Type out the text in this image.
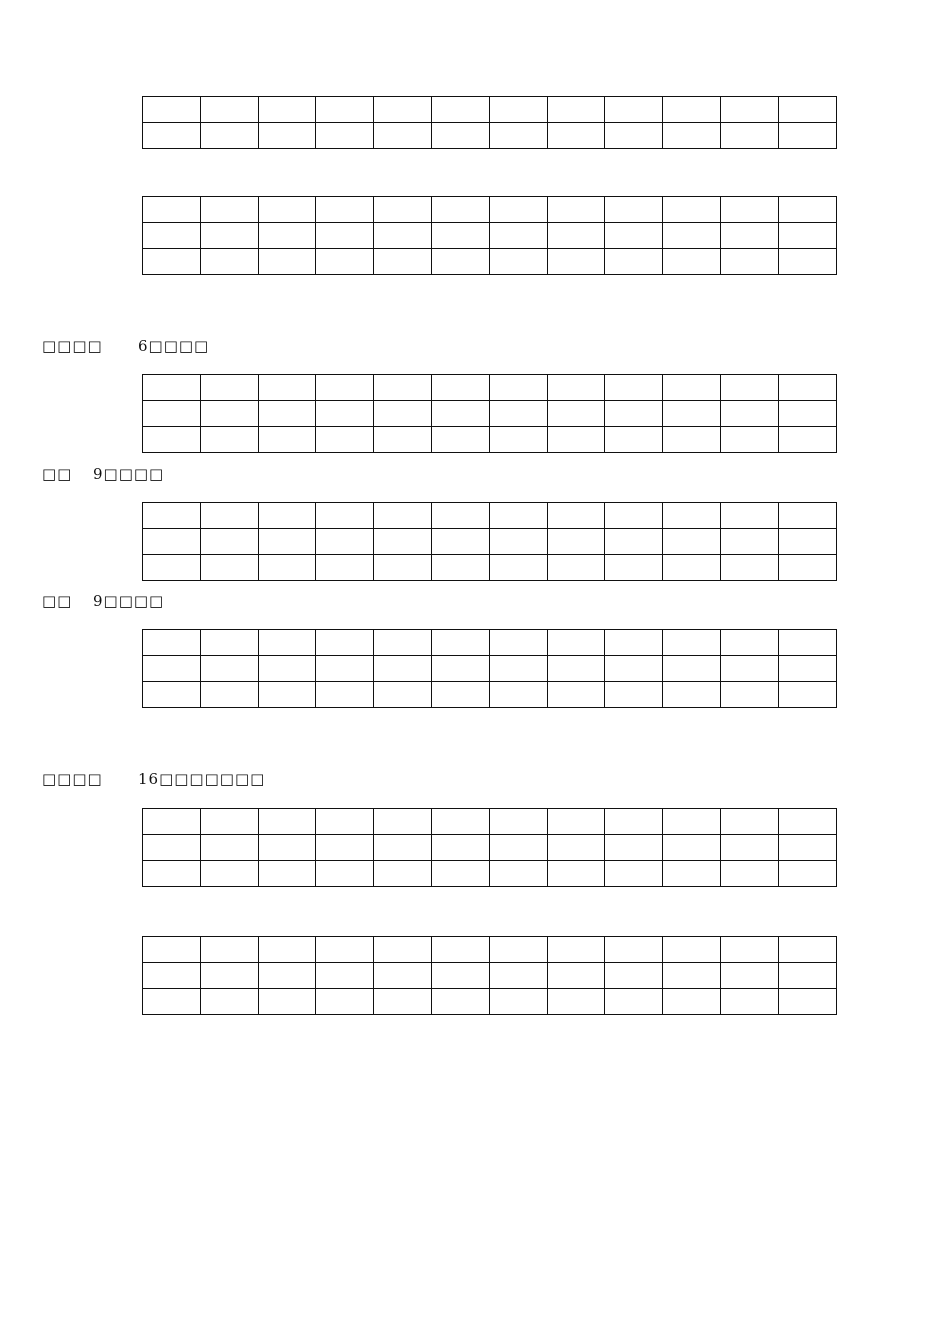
□□□□

6□□□□

□□

9□□□□

□□

9□□□□

□□□□

16□□□□□□□
